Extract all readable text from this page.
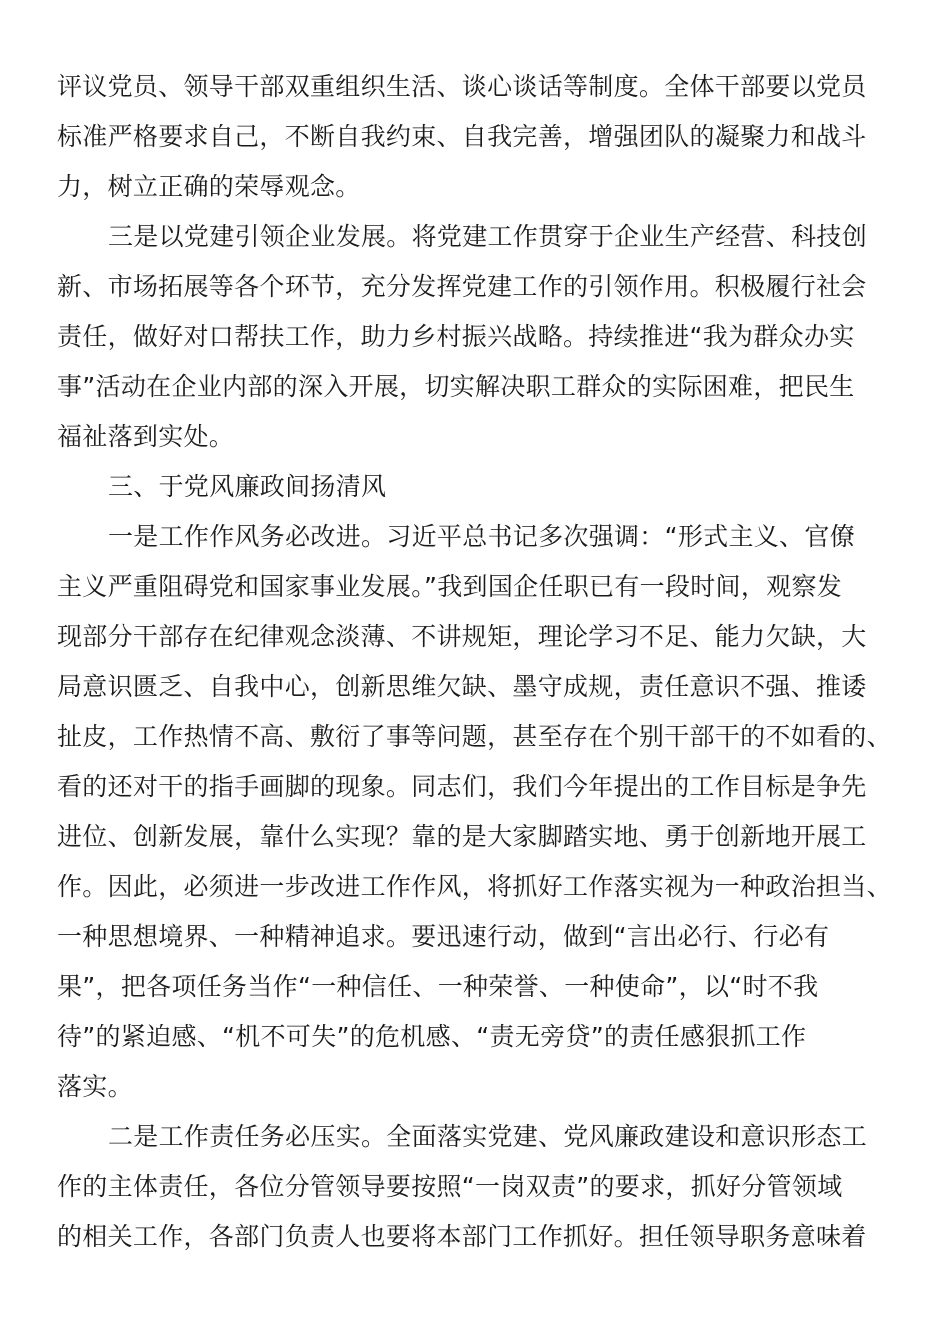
评议党员、领导干部双重组织生活、谈心谈话等制度。全体干部要以党员
标准严格要求自己，不断自我约束、自我完善，增强团队的凝聚力和战斗
力，树立正确的荣辱观念。
三是以党建引领企业发展。将党建工作贯穿于企业生产经营、科技创
新、市场拓展等各个环节，充分发挥党建工作的引领作用。积极履行社会
责任，做好对口帮扶工作，助力乡村振兴战略。持续推进“我为群众办实
事”活动在企业内部的深入开展，切实解决职工群众的实际困难，把民生
福祉落到实处。
三、于党风廉政间扬清风
一是工作作风务必改进。习近平总书记多次强调：“形式主义、官僚
主义严重阻碍党和国家事业发展。”我到国企任职已有一段时间，观察发
现部分干部存在纪律观念淡薄、不讲规矩，理论学习不足、能力欠缺，大
局意识匮乏、自我中心，创新思维欠缺、墨守成规，责任意识不强、推诿
扯皮，工作热情不高、敷衍了事等问题，甚至存在个别干部干的不如看的、
看的还对干的指手画脚的现象。同志们，我们今年提出的工作目标是争先
进位、创新发展，靠什么实现？靠的是大家脚踏实地、勇于创新地开展工
作。因此，必须进一步改进工作作风，将抓好工作落实视为一种政治担当、
一种思想境界、一种精神追求。要迅速行动，做到“言出必行、行必有
果”，把各项任务当作“一种信任、一种荣誉、一种使命”，以“时不我
待”的紧迫感、“机不可失”的危机感、“责无旁贷”的责任感狠抓工作
落实。
二是工作责任务必压实。全面落实党建、党风廉政建设和意识形态工
作的主体责任，各位分管领导要按照“一岗双责”的要求，抓好分管领域
的相关工作，各部门负责人也要将本部门工作抓好。担任领导职务意味着
